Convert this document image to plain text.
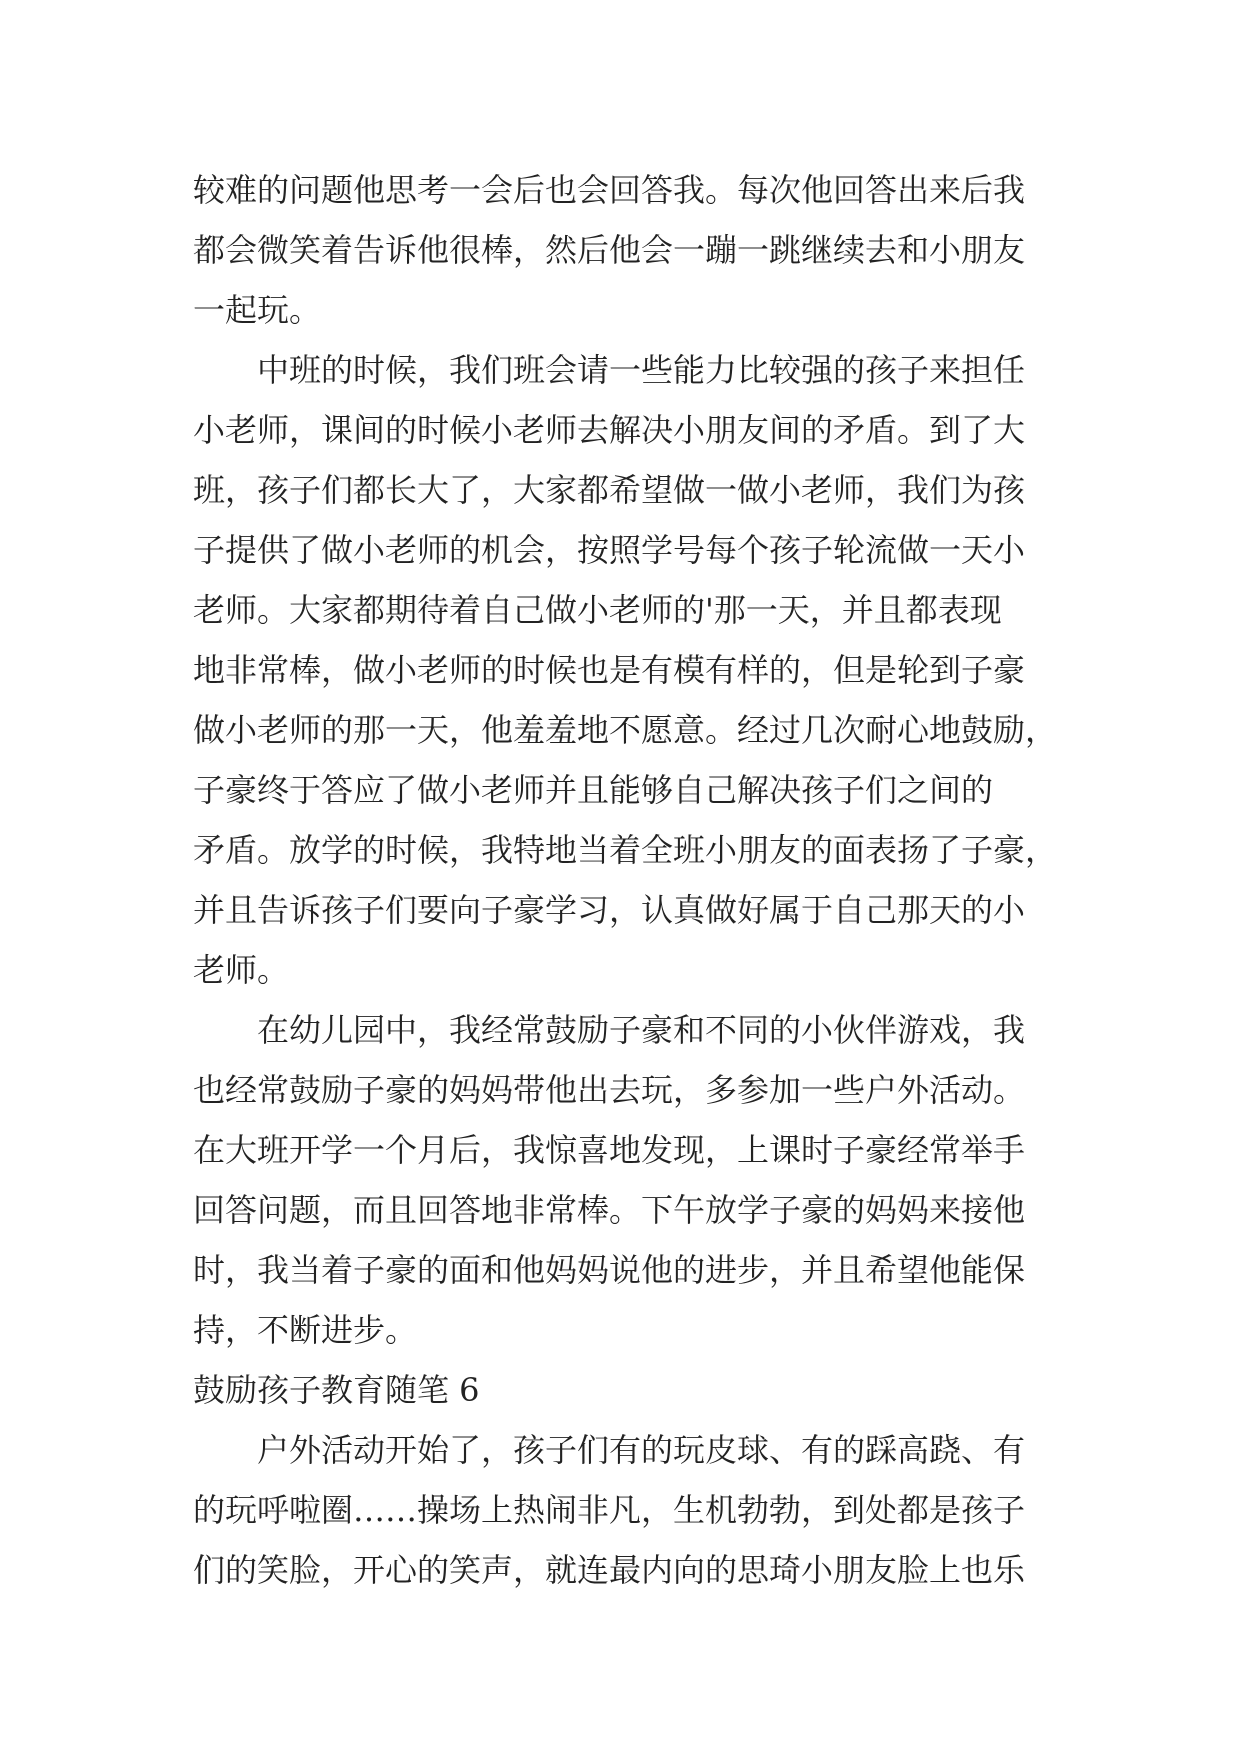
较难的问题他思考一会后也会回答我。每次他回答出来后我
都会微笑着告诉他很棒，然后他会一蹦一跳继续去和小朋友
一起玩。
中班的时候，我们班会请一些能力比较强的孩子来担任
小老师，课间的时候小老师去解决小朋友间的矛盾。到了大
班，孩子们都长大了，大家都希望做一做小老师，我们为孩
子提供了做小老师的机会，按照学号每个孩子轮流做一天小
老师。大家都期待着自己做小老师的'那一天，并且都表现
地非常棒，做小老师的时候也是有模有样的，但是轮到子豪
做小老师的那一天，他羞羞地不愿意。经过几次耐心地鼓励，
子豪终于答应了做小老师并且能够自己解决孩子们之间的
矛盾。放学的时候，我特地当着全班小朋友的面表扬了子豪，
并且告诉孩子们要向子豪学习，认真做好属于自己那天的小
老师。
在幼儿园中，我经常鼓励子豪和不同的小伙伴游戏，我
也经常鼓励子豪的妈妈带他出去玩，多参加一些户外活动。
在大班开学一个月后，我惊喜地发现，上课时子豪经常举手
回答问题，而且回答地非常棒。下午放学子豪的妈妈来接他
时，我当着子豪的面和他妈妈说他的进步，并且希望他能保
持，不断进步。
鼓励孩子教育随笔 6
户外活动开始了，孩子们有的玩皮球、有的踩高跷、有
的玩呼啦圈……操场上热闹非凡，生机勃勃，到处都是孩子
们的笑脸，开心的笑声，就连最内向的思琦小朋友脸上也乐
